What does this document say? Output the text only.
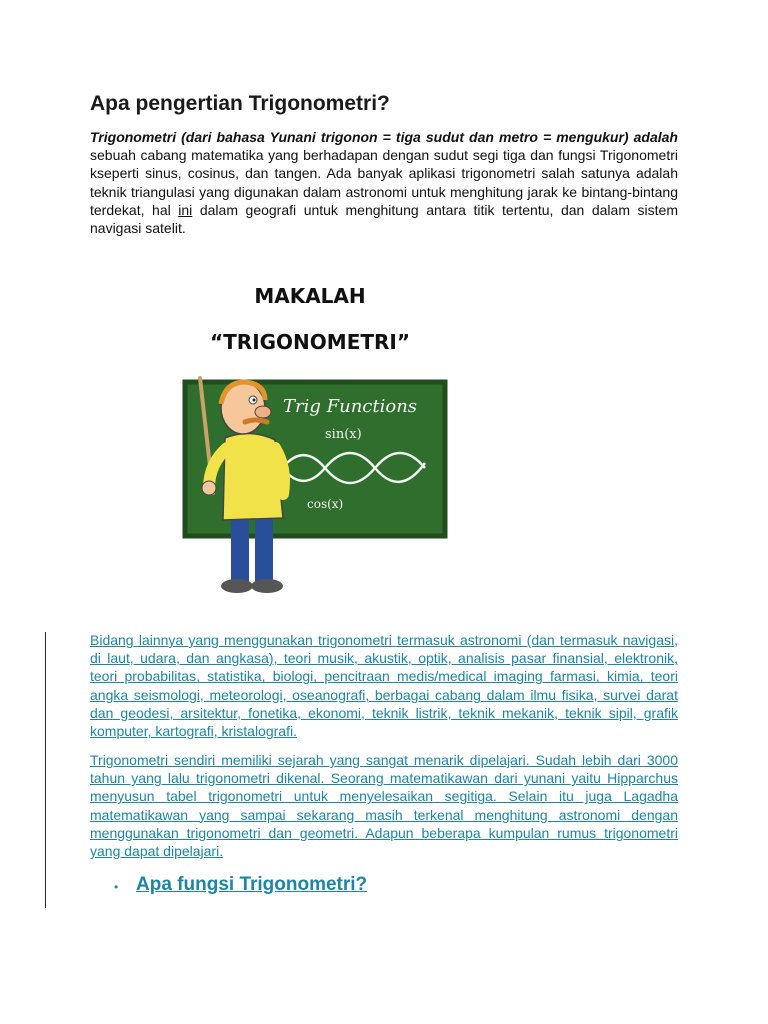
Apa pengertian Trigonometri?

Trigonometri (dari bahasa Yunani trigonon = tiga sudut dan metro = mengukur) adalah sebuah cabang matematika yang berhadapan dengan sudut segi tiga dan fungsi Trigonometri kseperti sinus, cosinus, dan tangen. Ada banyak aplikasi trigonometri salah satunya adalah teknik triangulasi yang digunakan dalam astronomi untuk menghitung jarak ke bintang-bintang terdekat, hal ini dalam geografi untuk menghitung antara titik tertentu, dan dalam sistem navigasi satelit.

MAKALAH

“TRIGONOMETRI”

Trig Functions
sin(x)
cos(x)

Bidang lainnya yang menggunakan trigonometri termasuk astronomi (dan termasuk navigasi, di laut, udara, dan angkasa), teori musik, akustik, optik, analisis pasar finansial, elektronik, teori probabilitas, statistika, biologi, pencitraan medis/medical imaging farmasi, kimia, teori angka seismologi, meteorologi, oseanografi, berbagai cabang dalam ilmu fisika, survei darat dan geodesi, arsitektur, fonetika, ekonomi, teknik listrik, teknik mekanik, teknik sipil, grafik komputer, kartografi, kristalografi.

Trigonometri sendiri memiliki sejarah yang sangat menarik dipelajari. Sudah lebih dari 3000 tahun yang lalu trigonometri dikenal. Seorang matematikawan dari yunani yaitu Hipparchus menyusun tabel trigonometri untuk menyelesaikan segitiga. Selain itu juga Lagadha matematikawan yang sampai sekarang masih terkenal menghitung astronomi dengan menggunakan trigonometri dan geometri. Adapun beberapa kumpulan rumus trigonometri yang dapat dipelajari.

• Apa fungsi Trigonometri?
